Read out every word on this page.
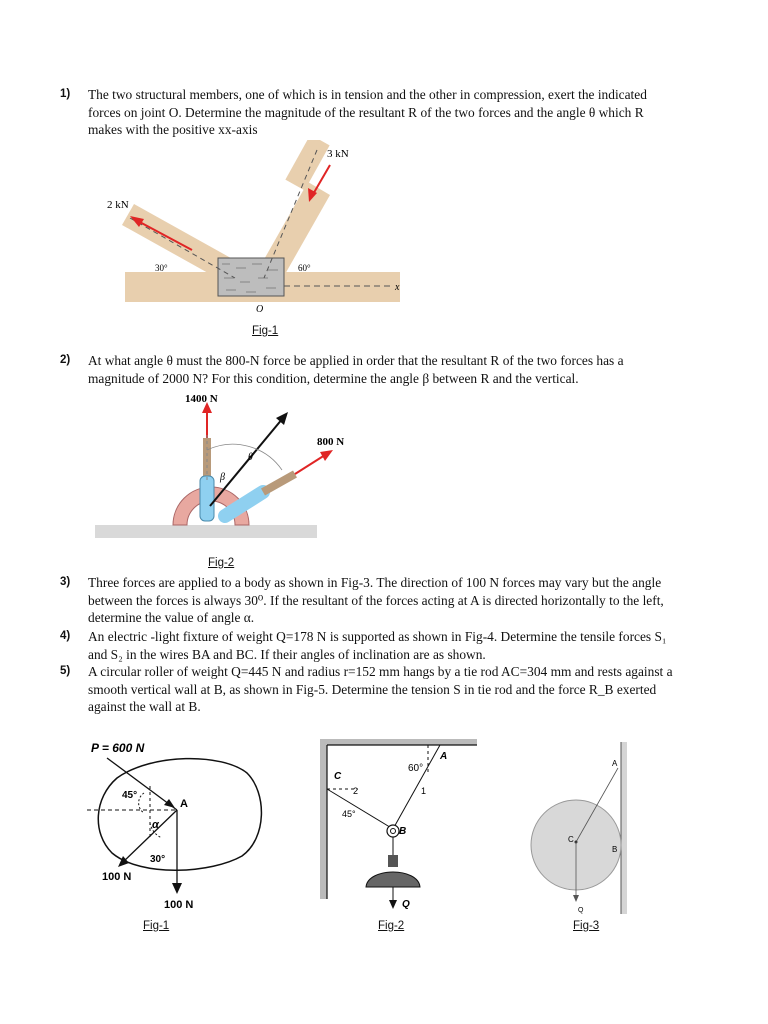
1) The two structural members, one of which is in tension and the other in compression, exert the indicated forces on joint O. Determine the magnitude of the resultant R of the two forces and the angle θ which R makes with the positive xx-axis
3 kN
2 kN
30°	60°
O
x
Fig-1
2) At what angle θ must the 800-N force be applied in order that the resultant R of the two forces has a magnitude of 2000 N? For this condition, determine the angle β between R and the vertical.
1400 N
800 N
θ
β
Fig-2
3) Three forces are applied to a body as shown in Fig-3. The direction of 100 N forces may vary but the angle between the forces is always 30⁰. If the resultant of the forces acting at A is directed horizontally to the left, determine the value of angle α.
4) An electric -light fixture of weight Q=178 N is supported as shown in Fig-4. Determine the tensile forces S₁ and S₂ in the wires BA and BC. If their angles of inclination are as shown.
5) A circular roller of weight Q=445 N and radius r=152 mm hangs by a tie rod AC=304 mm and rests against a smooth vertical wall at B, as shown in Fig-5. Determine the tension S in tie rod and the force R_B exerted against the wall at B.
P = 600 N
45°
A
α
30°
100 N
100 N
Fig-1
60°
A
B
C
1
2
45°
Q
Fig-2
A
B
C
Q
Fig-3
